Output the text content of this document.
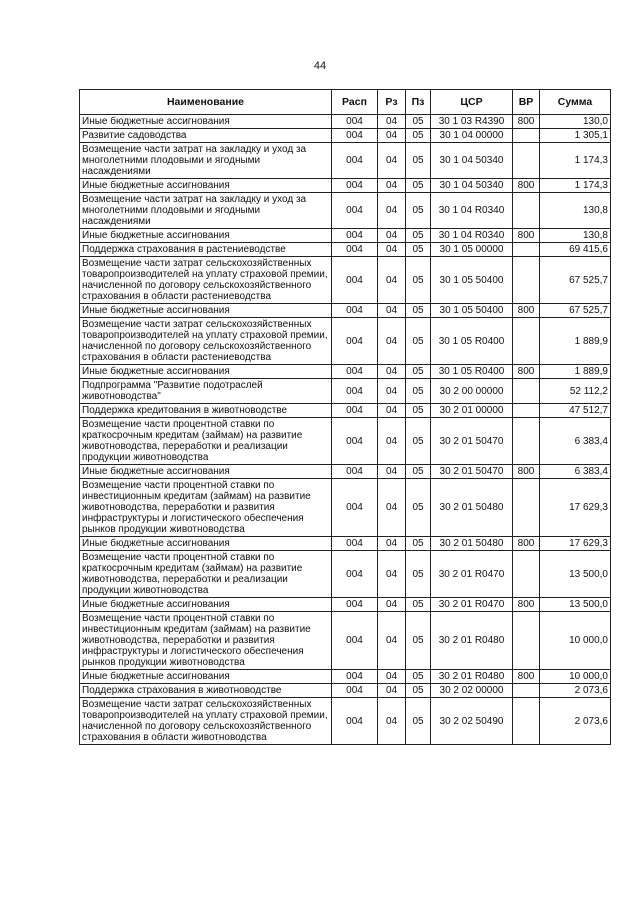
44
Наименование	Расп	Рз	Пз	ЦСР	ВР	Сумма
Иные бюджетные ассигнования	004	04	05	30 1 03 R4390	800	130,0
Развитие садоводства	004	04	05	30 1 04 00000		1 305,1
Возмещение части затрат на закладку и уход за многолетними плодовыми и ягодными насаждениями	004	04	05	30 1 04 50340		1 174,3
Иные бюджетные ассигнования	004	04	05	30 1 04 50340	800	1 174,3
Возмещение части затрат на закладку и уход за многолетними плодовыми и ягодными насаждениями	004	04	05	30 1 04 R0340		130,8
Иные бюджетные ассигнования	004	04	05	30 1 04 R0340	800	130,8
Поддержка страхования в растениеводстве	004	04	05	30 1 05 00000		69 415,6
Возмещение части затрат сельскохозяйственных товаропроизводителей на уплату страховой премии, начисленной по договору сельскохозяйственного страхования в области растениеводства	004	04	05	30 1 05 50400		67 525,7
Иные бюджетные ассигнования	004	04	05	30 1 05 50400	800	67 525,7
Возмещение части затрат сельскохозяйственных товаропроизводителей на уплату страховой премии, начисленной по договору сельскохозяйственного страхования в области растениеводства	004	04	05	30 1 05 R0400		1 889,9
Иные бюджетные ассигнования	004	04	05	30 1 05 R0400	800	1 889,9
Подпрограмма "Развитие подотраслей животноводства"	004	04	05	30 2 00 00000		52 112,2
Поддержка кредитования в животноводстве	004	04	05	30 2 01 00000		47 512,7
Возмещение части процентной ставки по краткосрочным кредитам (займам) на развитие животноводства, переработки и реализации продукции животноводства	004	04	05	30 2 01 50470		6 383,4
Иные бюджетные ассигнования	004	04	05	30 2 01 50470	800	6 383,4
Возмещение части процентной ставки по инвестиционным кредитам (займам) на развитие животноводства, переработки и развития инфраструктуры и логистического обеспечения рынков продукции животноводства	004	04	05	30 2 01 50480		17 629,3
Иные бюджетные ассигнования	004	04	05	30 2 01 50480	800	17 629,3
Возмещение части процентной ставки по краткосрочным кредитам (займам) на развитие животноводства, переработки и реализации продукции животноводства	004	04	05	30 2 01 R0470		13 500,0
Иные бюджетные ассигнования	004	04	05	30 2 01 R0470	800	13 500,0
Возмещение части процентной ставки по инвестиционным кредитам (займам) на развитие животноводства, переработки и развития инфраструктуры и логистического обеспечения рынков продукции животноводства	004	04	05	30 2 01 R0480		10 000,0
Иные бюджетные ассигнования	004	04	05	30 2 01 R0480	800	10 000,0
Поддержка страхования в животноводстве	004	04	05	30 2 02 00000		2 073,6
Возмещение части затрат сельскохозяйственных товаропроизводителей на уплату страховой премии, начисленной по договору сельскохозяйственного страхования в области животноводства	004	04	05	30 2 02 50490		2 073,6
